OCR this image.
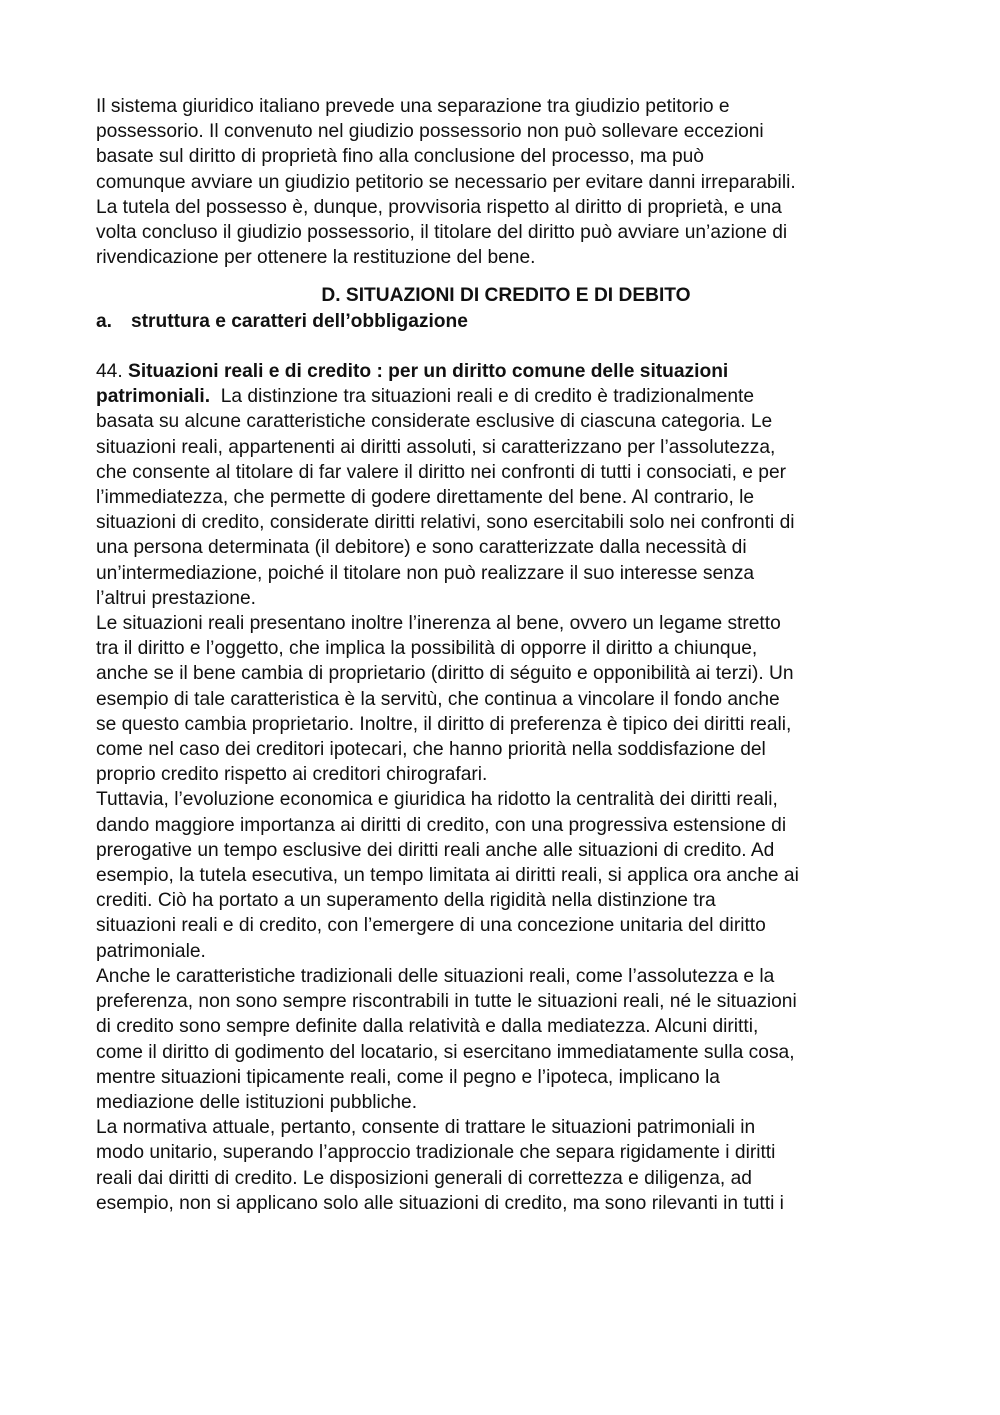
Il sistema giuridico italiano prevede una separazione tra giudizio petitorio e
possessorio. Il convenuto nel giudizio possessorio non può sollevare eccezioni
basate sul diritto di proprietà fino alla conclusione del processo, ma può
comunque avviare un giudizio petitorio se necessario per evitare danni irreparabili.
La tutela del possesso è, dunque, provvisoria rispetto al diritto di proprietà, e una
volta concluso il giudizio possessorio, il titolare del diritto può avviare un’azione di
rivendicazione per ottenere la restituzione del bene.
D. SITUAZIONI DI CREDITO E DI DEBITO
a. struttura e caratteri dell’obbligazione
44. Situazioni reali e di credito : per un diritto comune delle situazioni
patrimoniali.  La distinzione tra situazioni reali e di credito è tradizionalmente
basata su alcune caratteristiche considerate esclusive di ciascuna categoria. Le
situazioni reali, appartenenti ai diritti assoluti, si caratterizzano per l’assolutezza,
che consente al titolare di far valere il diritto nei confronti di tutti i consociati, e per
l’immediatezza, che permette di godere direttamente del bene. Al contrario, le
situazioni di credito, considerate diritti relativi, sono esercitabili solo nei confronti di
una persona determinata (il debitore) e sono caratterizzate dalla necessità di
un’intermediazione, poiché il titolare non può realizzare il suo interesse senza
l’altrui prestazione.
Le situazioni reali presentano inoltre l’inerenza al bene, ovvero un legame stretto
tra il diritto e l’oggetto, che implica la possibilità di opporre il diritto a chiunque,
anche se il bene cambia di proprietario (diritto di séguito e opponibilità ai terzi). Un
esempio di tale caratteristica è la servitù, che continua a vincolare il fondo anche
se questo cambia proprietario. Inoltre, il diritto di preferenza è tipico dei diritti reali,
come nel caso dei creditori ipotecari, che hanno priorità nella soddisfazione del
proprio credito rispetto ai creditori chirografari.
Tuttavia, l’evoluzione economica e giuridica ha ridotto la centralità dei diritti reali,
dando maggiore importanza ai diritti di credito, con una progressiva estensione di
prerogative un tempo esclusive dei diritti reali anche alle situazioni di credito. Ad
esempio, la tutela esecutiva, un tempo limitata ai diritti reali, si applica ora anche ai
crediti. Ciò ha portato a un superamento della rigidità nella distinzione tra
situazioni reali e di credito, con l’emergere di una concezione unitaria del diritto
patrimoniale.
Anche le caratteristiche tradizionali delle situazioni reali, come l’assolutezza e la
preferenza, non sono sempre riscontrabili in tutte le situazioni reali, né le situazioni
di credito sono sempre definite dalla relatività e dalla mediatezza. Alcuni diritti,
come il diritto di godimento del locatario, si esercitano immediatamente sulla cosa,
mentre situazioni tipicamente reali, come il pegno e l’ipoteca, implicano la
mediazione delle istituzioni pubbliche.
La normativa attuale, pertanto, consente di trattare le situazioni patrimoniali in
modo unitario, superando l’approccio tradizionale che separa rigidamente i diritti
reali dai diritti di credito. Le disposizioni generali di correttezza e diligenza, ad
esempio, non si applicano solo alle situazioni di credito, ma sono rilevanti in tutti i
